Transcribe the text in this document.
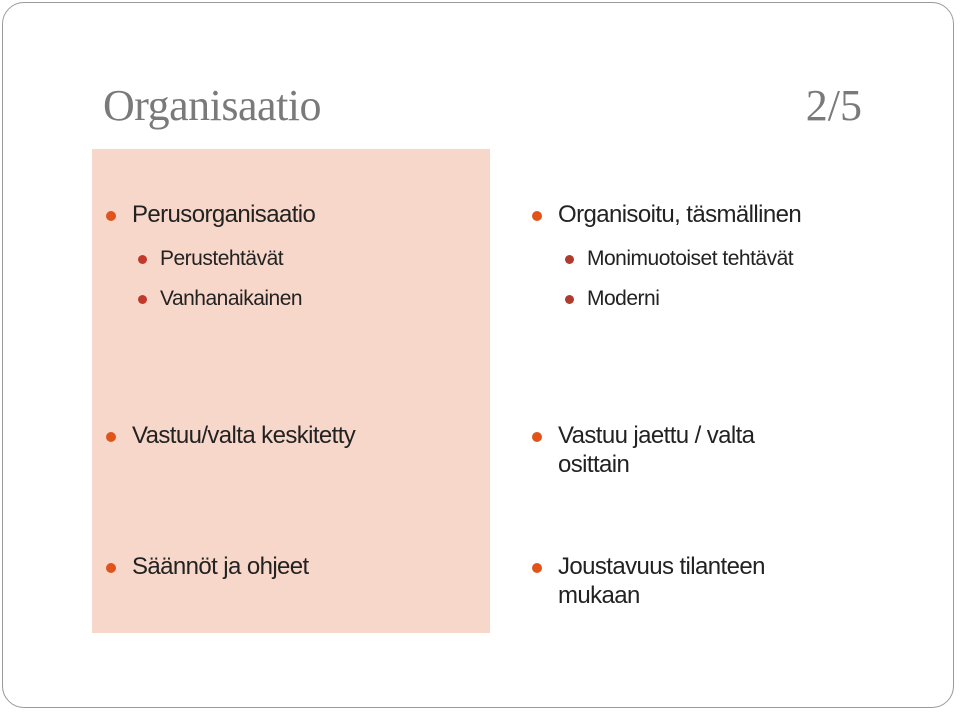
Organisaatio	2/5
Perusorganisaatio
Perustehtävät
Vanhanaikainen
Vastuu/valta keskitetty
Säännöt ja ohjeet
Organisoitu, täsmällinen
Monimuotoiset tehtävät
Moderni
Vastuu jaettu / valta
osittain
Joustavuus tilanteen
mukaan
